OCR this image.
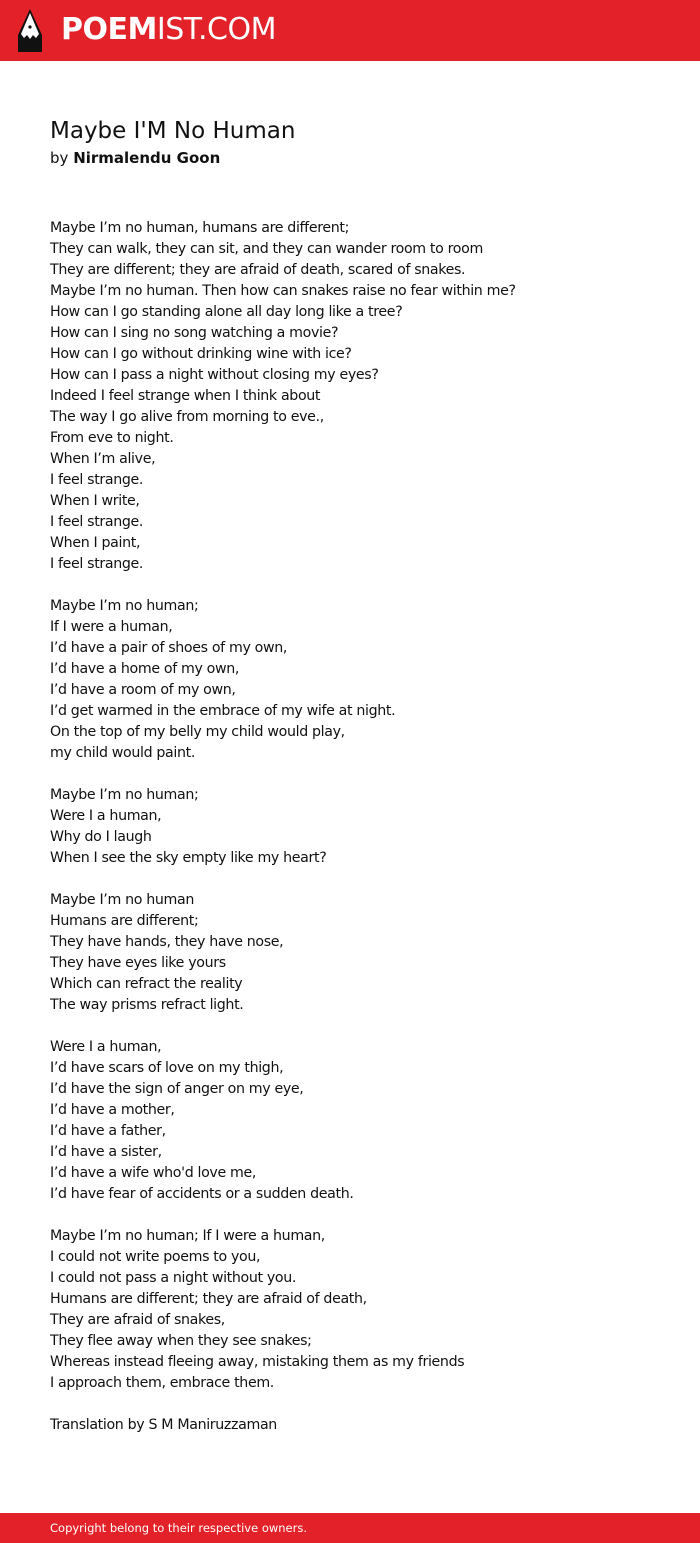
POEMIST.COM
Maybe I'M No Human
by Nirmalendu Goon
Maybe I’m no human, humans are different;
They can walk, they can sit, and they can wander room to room
They are different; they are afraid of death, scared of snakes.
Maybe I’m no human. Then how can snakes raise no fear within me?
How can I go standing alone all day long like a tree?
How can I sing no song watching a movie?
How can I go without drinking wine with ice?
How can I pass a night without closing my eyes?
Indeed I feel strange when I think about
The way I go alive from morning to eve.,
From eve to night.
When I’m alive,
I feel strange.
When I write,
I feel strange.
When I paint,
I feel strange.
Maybe I’m no human;
If I were a human,
I’d have a pair of shoes of my own,
I’d have a home of my own,
I’d have a room of my own,
I’d get warmed in the embrace of my wife at night.
On the top of my belly my child would play,
my child would paint.
Maybe I’m no human;
Were I a human,
Why do I laugh
When I see the sky empty like my heart?
Maybe I’m no human
Humans are different;
They have hands, they have nose,
They have eyes like yours
Which can refract the reality
The way prisms refract light.
Were I a human,
I’d have scars of love on my thigh,
I’d have the sign of anger on my eye,
I’d have a mother,
I’d have a father,
I’d have a sister,
I’d have a wife who'd love me,
I’d have fear of accidents or a sudden death.
Maybe I’m no human; If I were a human,
I could not write poems to you,
I could not pass a night without you.
Humans are different; they are afraid of death,
They are afraid of snakes,
They flee away when they see snakes;
Whereas instead fleeing away, mistaking them as my friends
I approach them, embrace them.
Translation by S M Maniruzzaman
Copyright belong to their respective owners.
